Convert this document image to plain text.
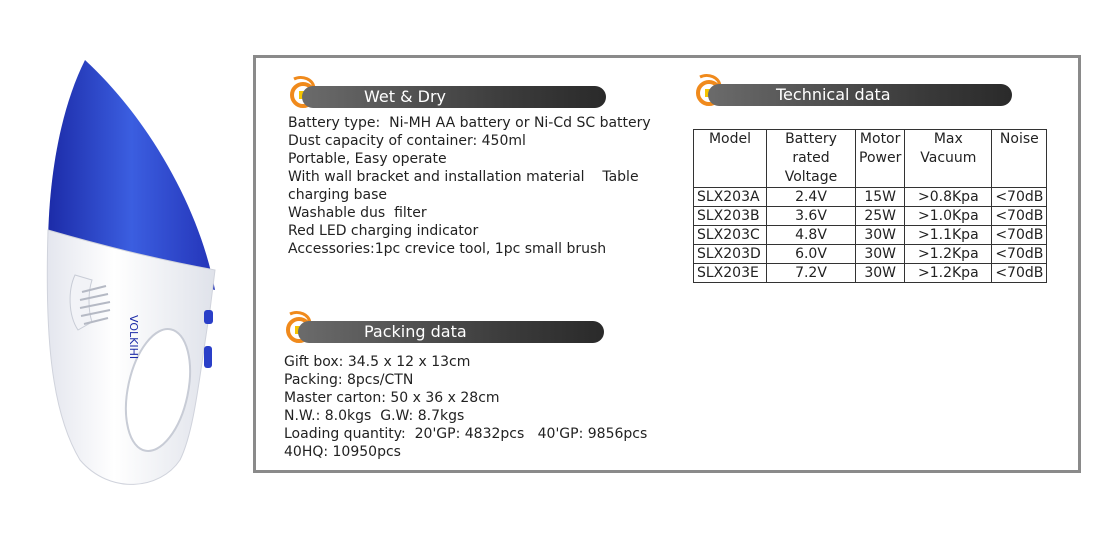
VOLKIHI
Wet & Dry
Battery type:  Ni-MH AA battery or Ni-Cd SC battery
Dust capacity of container: 450ml
Portable, Easy operate
With wall bracket and installation material    Table
charging base
Washable dus  filter
Red LED charging indicator
Accessories:1pc crevice tool, 1pc small brush
Technical data
Model	Battery rated Voltage	Motor Power	Max Vacuum	Noise
SLX203A	2.4V	15W	>0.8Kpa	<70dB
SLX203B	3.6V	25W	>1.0Kpa	<70dB
SLX203C	4.8V	30W	>1.1Kpa	<70dB
SLX203D	6.0V	30W	>1.2Kpa	<70dB
SLX203E	7.2V	30W	>1.2Kpa	<70dB
Packing data
Gift box: 34.5 x 12 x 13cm
Packing: 8pcs/CTN
Master carton: 50 x 36 x 28cm
N.W.: 8.0kgs  G.W: 8.7kgs
Loading quantity:  20'GP: 4832pcs   40'GP: 9856pcs
40HQ: 10950pcs
